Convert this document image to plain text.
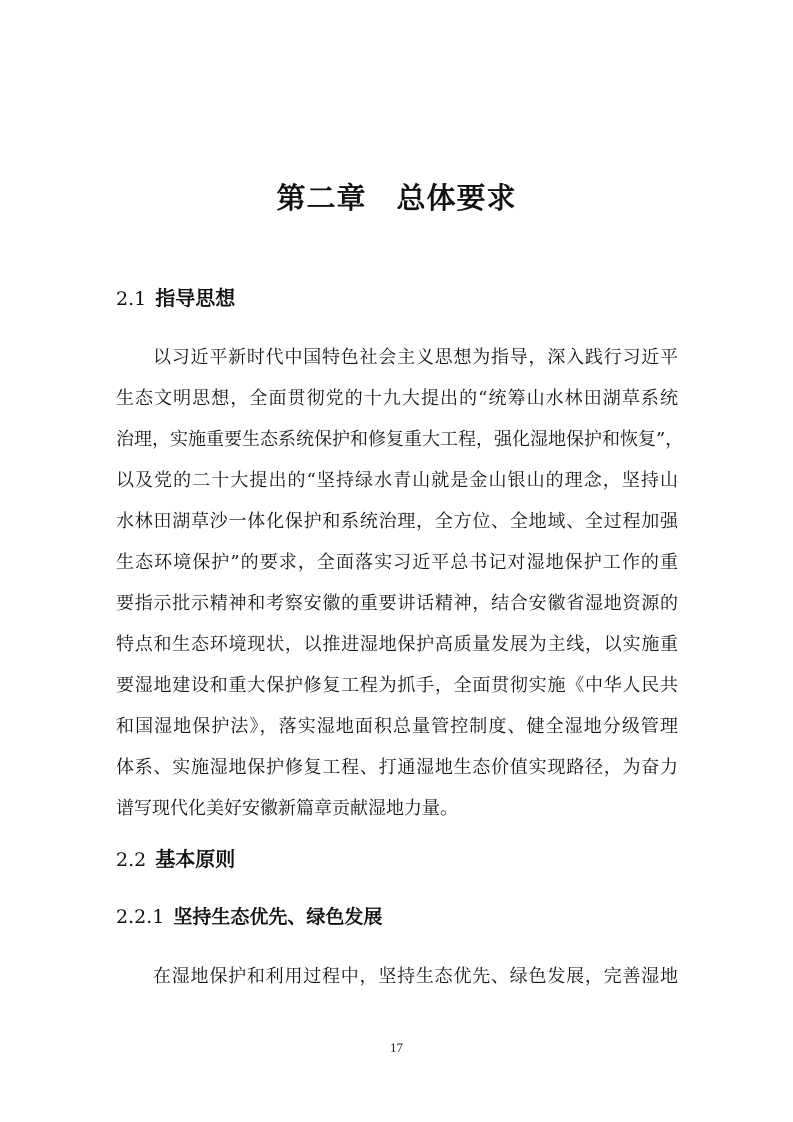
第二章　总体要求
2.1 指导思想
以习近平新时代中国特色社会主义思想为指导，深入践行习近平
生态文明思想，全面贯彻党的十九大提出的“统筹山水林田湖草系统
治理，实施重要生态系统保护和修复重大工程，强化湿地保护和恢复”，
以及党的二十大提出的“坚持绿水青山就是金山银山的理念，坚持山
水林田湖草沙一体化保护和系统治理，全方位、全地域、全过程加强
生态环境保护”的要求，全面落实习近平总书记对湿地保护工作的重
要指示批示精神和考察安徽的重要讲话精神，结合安徽省湿地资源的
特点和生态环境现状，以推进湿地保护高质量发展为主线，以实施重
要湿地建设和重大保护修复工程为抓手，全面贯彻实施《中华人民共
和国湿地保护法》，落实湿地面积总量管控制度、健全湿地分级管理
体系、实施湿地保护修复工程、打通湿地生态价值实现路径，为奋力
谱写现代化美好安徽新篇章贡献湿地力量。
2.2 基本原则
2.2.1 坚持生态优先、绿色发展
在湿地保护和利用过程中，坚持生态优先、绿色发展，完善湿地

17
